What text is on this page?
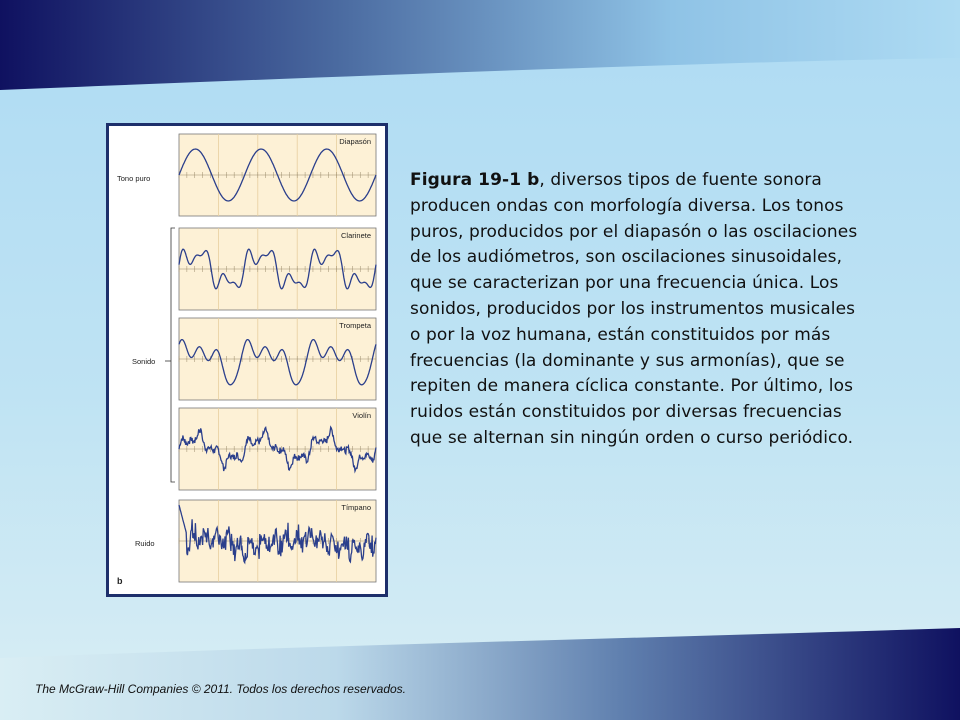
Tono puro
Sonido
Ruido
b
Diapasón
Clarinete
Trompeta
Violín
Tímpano
Figura 19-1 b, diversos tipos de fuente sonora producen ondas con morfología diversa. Los tonos puros, producidos por el diapasón o las oscilaciones de los audiómetros, son oscilaciones sinusoidales, que se caracterizan por una frecuencia única. Los sonidos, producidos por los instrumentos musicales o por la voz humana, están constituidos por más frecuencias (la dominante y sus armonías), que se repiten de manera cíclica constante. Por último, los ruidos están constituidos por diversas frecuencias que se alternan sin ningún orden o curso periódico.
The McGraw-Hill Companies © 2011. Todos los derechos reservados.
